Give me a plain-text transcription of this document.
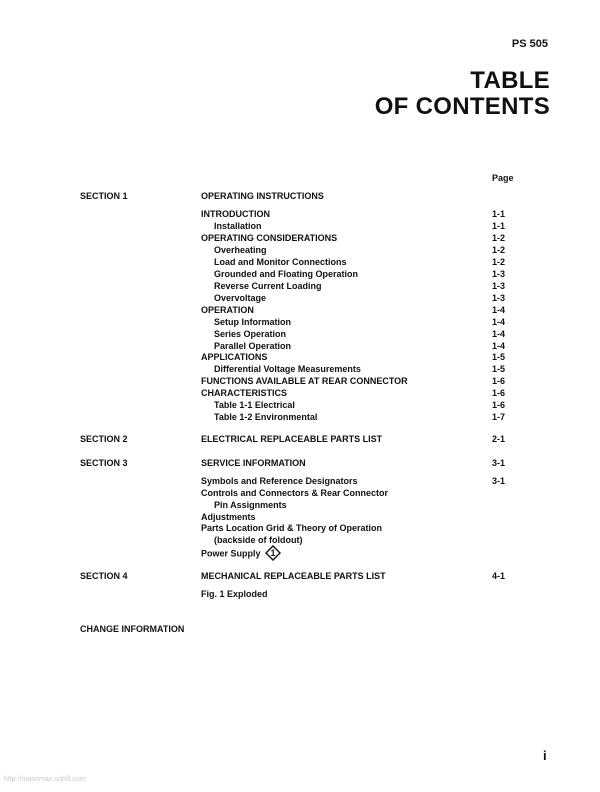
PS 505
TABLE
OF CONTENTS
Page
SECTION 1	OPERATING INSTRUCTIONS
INTRODUCTION	1-1
Installation	1-1
OPERATING CONSIDERATIONS	1-2
Overheating	1-2
Load and Monitor Connections	1-2
Grounded and Floating Operation	1-3
Reverse Current Loading	1-3
Overvoltage	1-3
OPERATION	1-4
Setup Information	1-4
Series Operation	1-4
Parallel Operation	1-4
APPLICATIONS	1-5
Differential Voltage Measurements	1-5
FUNCTIONS AVAILABLE AT REAR CONNECTOR	1-6
CHARACTERISTICS	1-6
Table 1-1 Electrical	1-6
Table 1-2 Environmental	1-7
SECTION 2	ELECTRICAL REPLACEABLE PARTS LIST	2-1
SECTION 3	SERVICE INFORMATION	3-1
Symbols and Reference Designators	3-1
Controls and Connectors & Rear Connector
Pin Assignments
Adjustments
Parts Location Grid & Theory of Operation
(backside of foldout)
Power Supply 1
SECTION 4	MECHANICAL REPLACEABLE PARTS LIST	4-1
Fig. 1 Exploded
CHANGE INFORMATION
i
http://manoman.sqhill.com
